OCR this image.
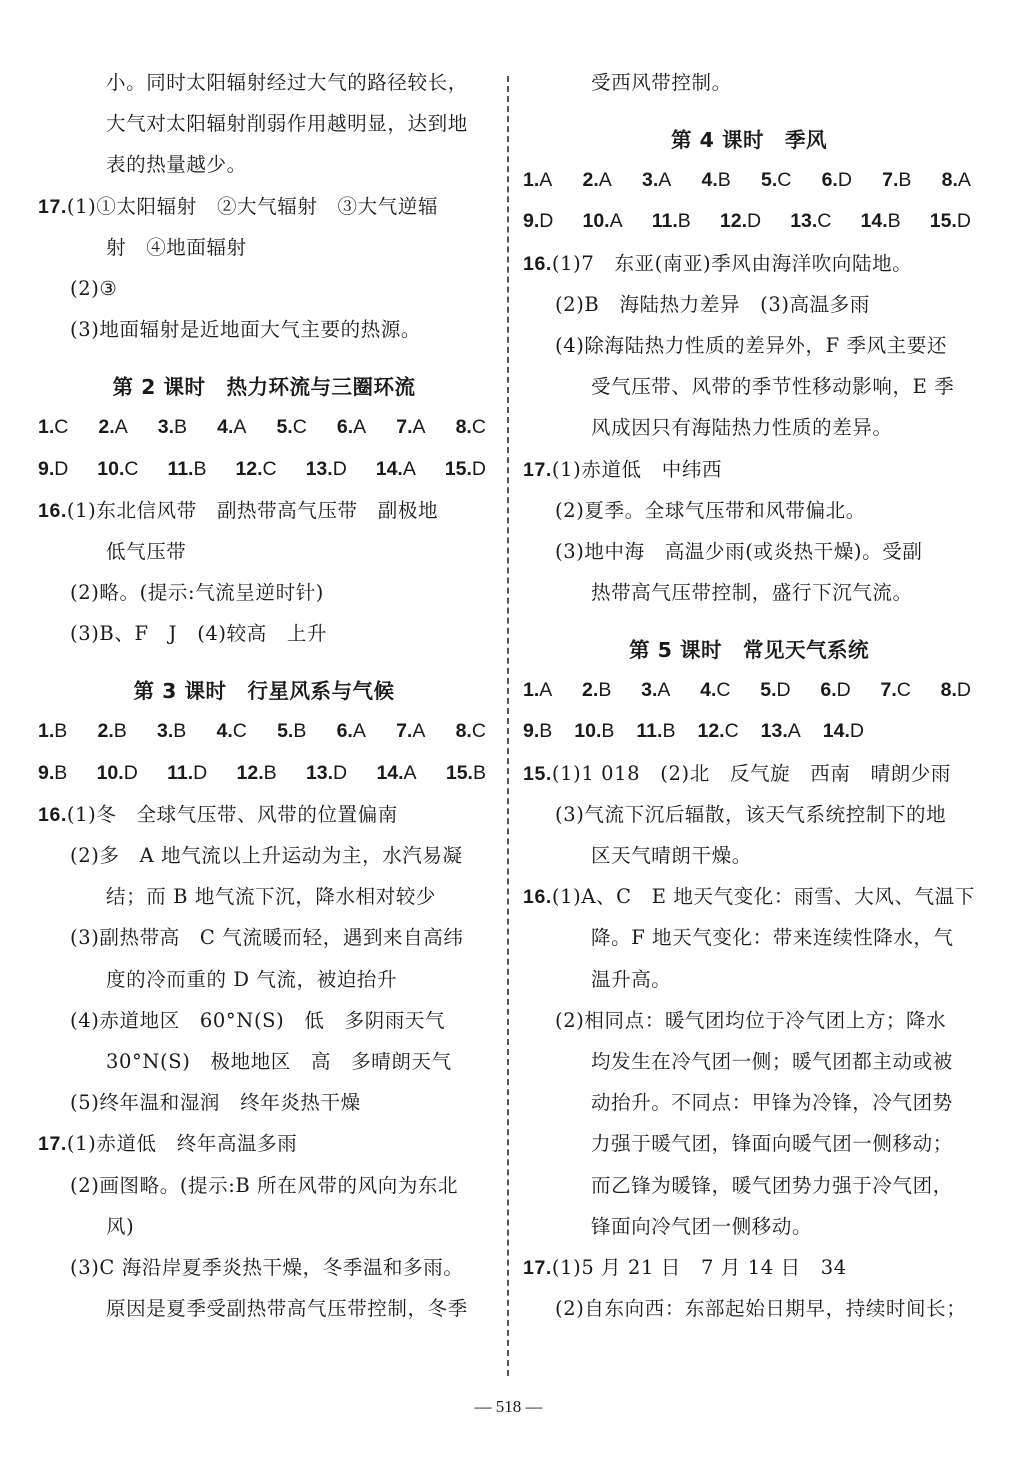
小。同时太阳辐射经过大气的路径较长，
大气对太阳辐射削弱作用越明显，达到地
表的热量越少。
17.(1)①太阳辐射　②大气辐射　③大气逆辐
射　④地面辐射
(2)③
(3)地面辐射是近地面大气主要的热源。
第 2 课时　热力环流与三圈环流
1.C 2.A 3.B 4.A 5.C 6.A 7.A 8.C
9.D 10.C 11.B 12.C 13.D 14.A 15.D
16.(1)东北信风带　副热带高气压带　副极地
低气压带
(2)略。(提示:气流呈逆时针)
(3)B、F　J　(4)较高　上升
第 3 课时　行星风系与气候
1.B 2.B 3.B 4.C 5.B 6.A 7.A 8.C
9.B 10.D 11.D 12.B 13.D 14.A 15.B
16.(1)冬　全球气压带、风带的位置偏南
(2)多　A 地气流以上升运动为主，水汽易凝
结；而 B 地气流下沉，降水相对较少
(3)副热带高　C 气流暖而轻，遇到来自高纬
度的冷而重的 D 气流，被迫抬升
(4)赤道地区　60°N(S)　低　多阴雨天气
30°N(S)　极地地区　高　多晴朗天气
(5)终年温和湿润　终年炎热干燥
17.(1)赤道低　终年高温多雨
(2)画图略。(提示:B 所在风带的风向为东北
风)
(3)C 海沿岸夏季炎热干燥，冬季温和多雨。
原因是夏季受副热带高气压带控制，冬季
受西风带控制。
第 4 课时　季风
1.A 2.A 3.A 4.B 5.C 6.D 7.B 8.A
9.D 10.A 11.B 12.D 13.C 14.B 15.D
16.(1)7　东亚(南亚)季风由海洋吹向陆地。
(2)B　海陆热力差异　(3)高温多雨
(4)除海陆热力性质的差异外，F 季风主要还
受气压带、风带的季节性移动影响，E 季
风成因只有海陆热力性质的差异。
17.(1)赤道低　中纬西
(2)夏季。全球气压带和风带偏北。
(3)地中海　高温少雨(或炎热干燥)。受副
热带高气压带控制，盛行下沉气流。
第 5 课时　常见天气系统
1.A 2.B 3.A 4.C 5.D 6.D 7.C 8.D
9.B 10.B 11.B 12.C 13.A 14.D
15.(1)1 018　(2)北　反气旋　西南　晴朗少雨
(3)气流下沉后辐散，该天气系统控制下的地
区天气晴朗干燥。
16.(1)A、C　E 地天气变化：雨雪、大风、气温下
降。F 地天气变化：带来连续性降水，气
温升高。
(2)相同点：暖气团均位于冷气团上方；降水
均发生在冷气团一侧；暖气团都主动或被
动抬升。不同点：甲锋为冷锋，冷气团势
力强于暖气团，锋面向暖气团一侧移动；
而乙锋为暖锋，暖气团势力强于冷气团，
锋面向冷气团一侧移动。
17.(1)5 月 21 日　7 月 14 日　34
(2)自东向西：东部起始日期早，持续时间长；
— 518 —
